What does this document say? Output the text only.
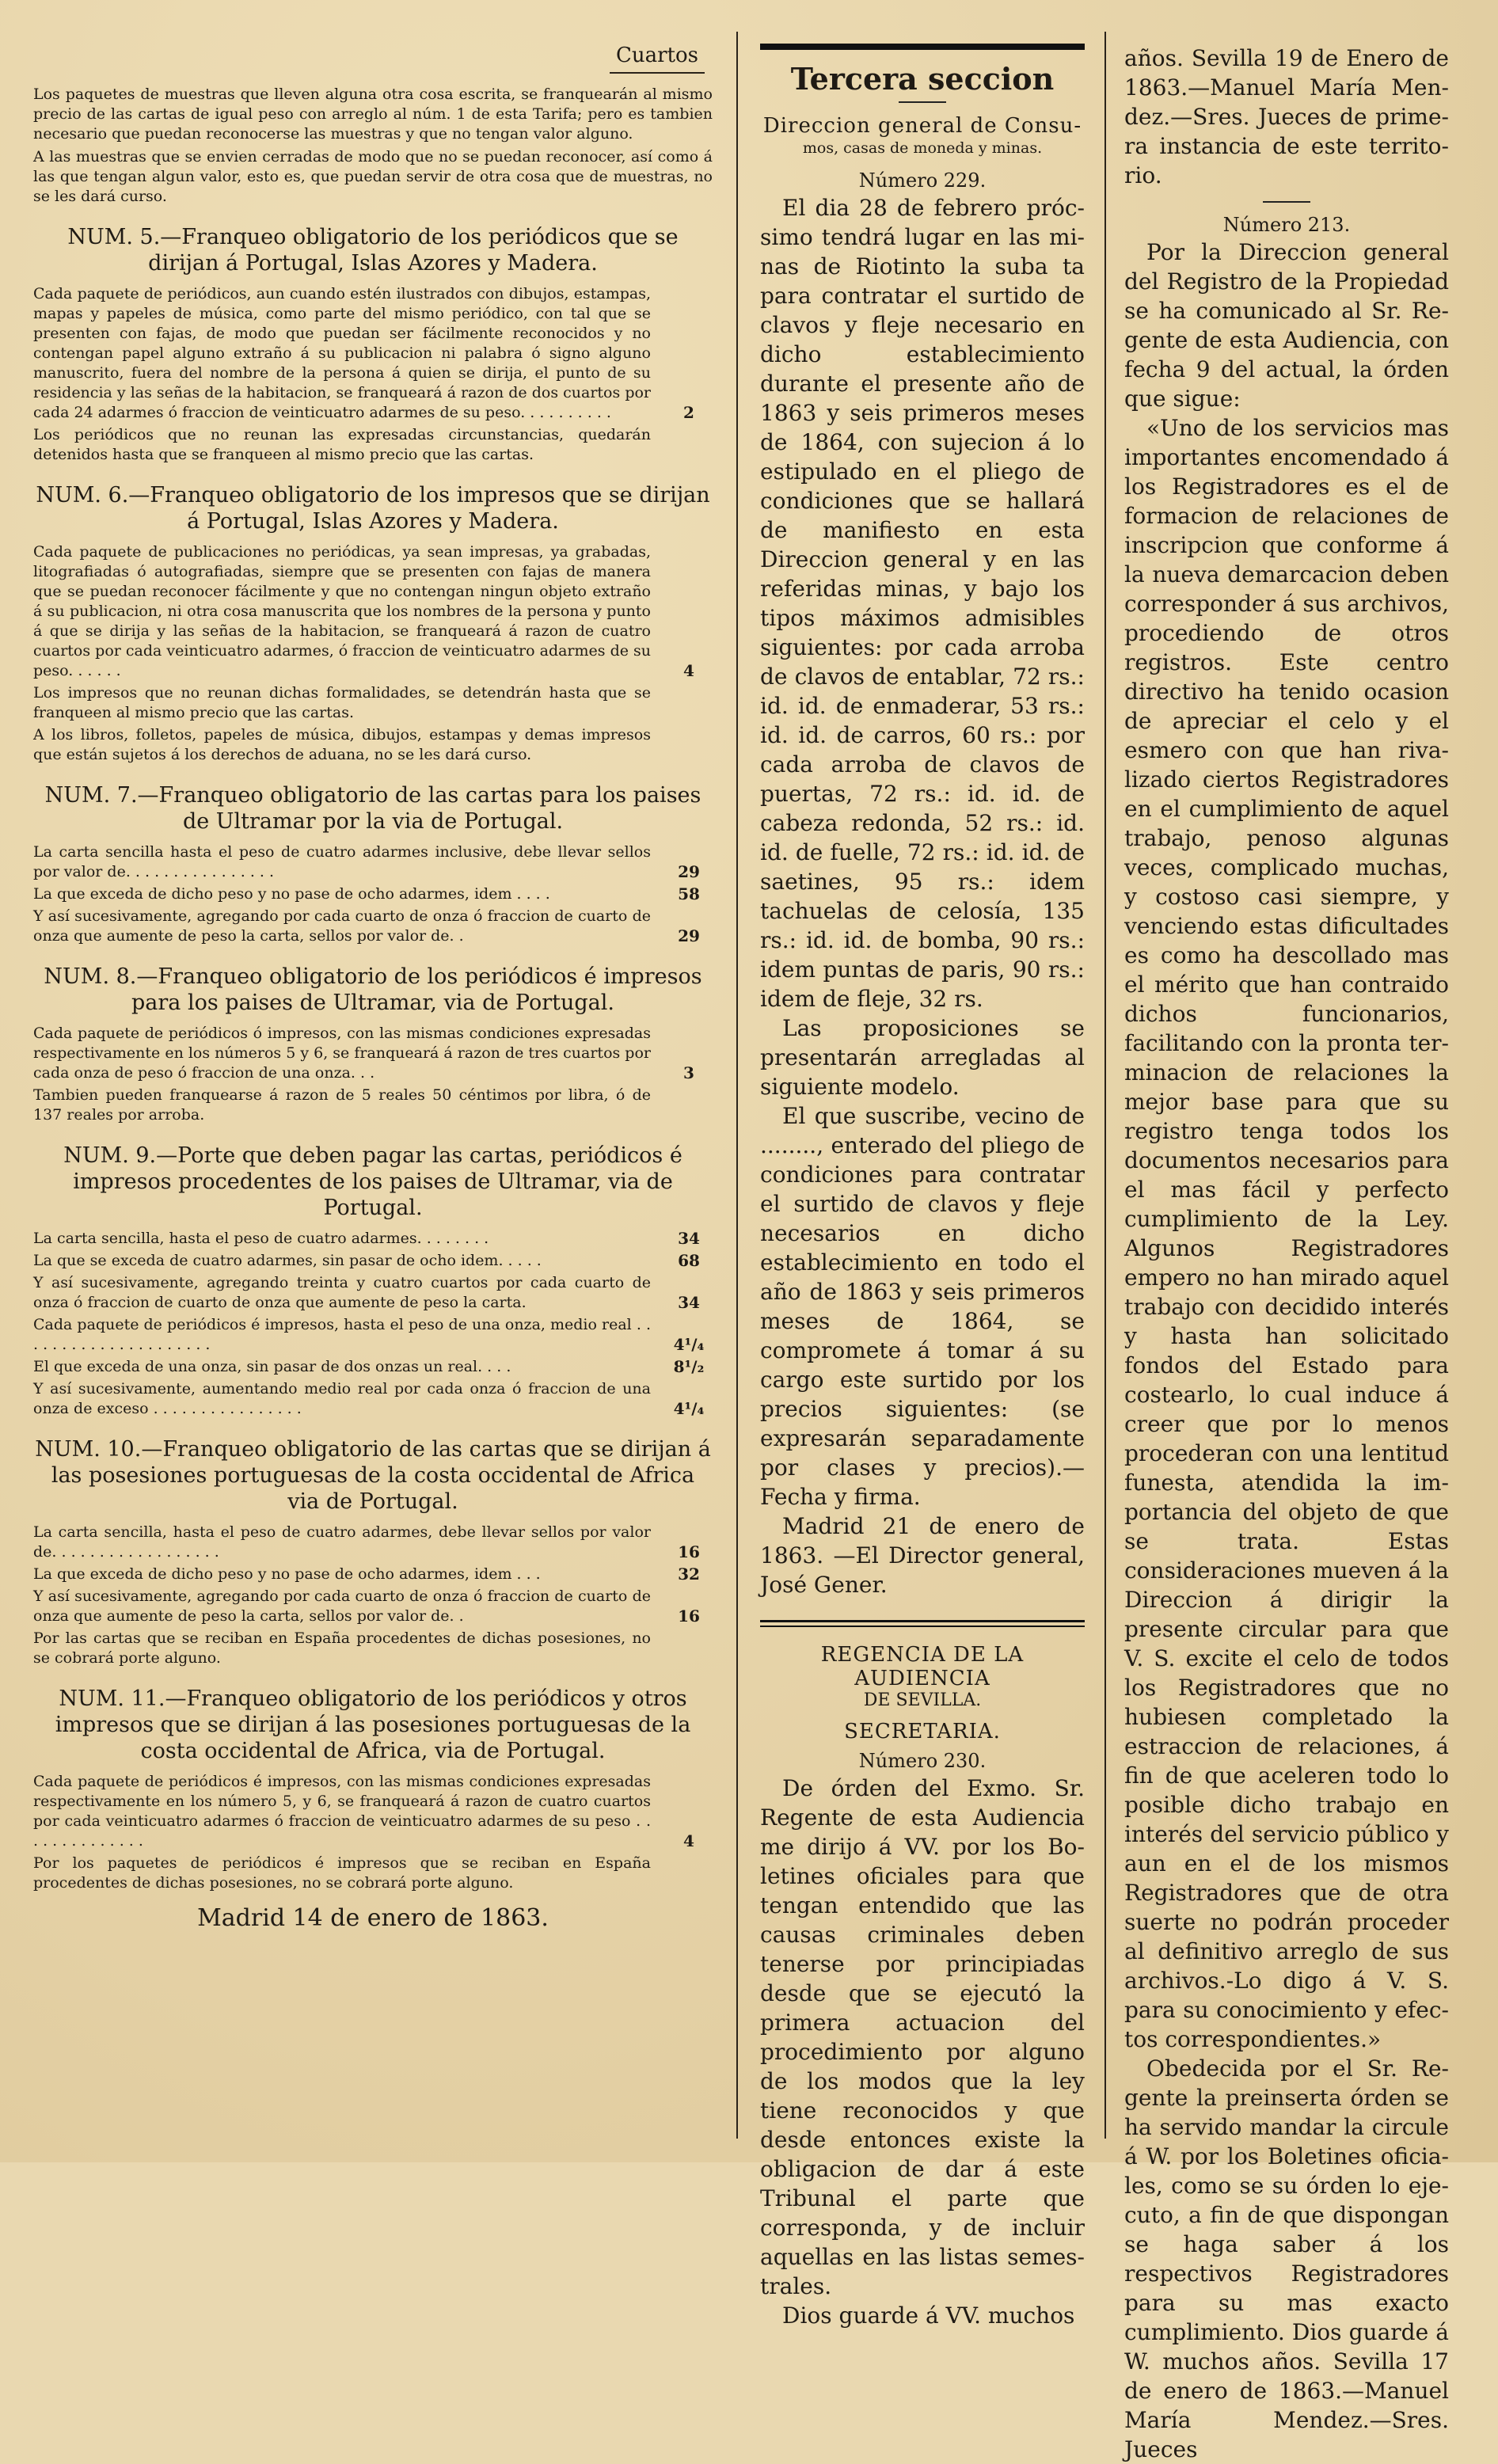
Cuartos

Los paquetes de muestras que lleven alguna otra cosa escrita, se franquearán al mismo precio de las cartas de igual peso con arreglo al núm. 1 de esta Tarifa; pero es tambien necesario que puedan reconocerse las muestras y que no tengan valor alguno.

A las muestras que se envien cerradas de modo que no se puedan reconocer, así como á las que tengan algun valor, esto es, que puedan servir de otra cosa que de muestras, no se les dará curso.

NUM. 5.—Franqueo obligatorio de los periódicos que se dirijan á Portugal, Islas Azores y Madera.
Cada paquete de periódicos, aun cuando estén ilustrados con dibujos, estampas, mapas y papeles de música, como parte del mismo periódico, con tal que se presenten con fajas, de modo que puedan ser fácilmente reconocidos y no contengan papel alguno extraño á su publicacion ni palabra ó signo alguno manuscrito, fuera del nombre de la persona á quien se dirija, el punto de su residencia y las señas de la habitacion, se franqueará á razon de dos cuartos por cada 24 adarmes ó fraccion de veinticuatro adarmes de su peso. . . . . . . . . .	2
Los periódicos que no reunan las expresadas circunstancias, quedarán detenidos hasta que se franqueen al mismo precio que las cartas.
NUM. 6.—Franqueo obligatorio de los impresos que se dirijan á Portugal, Islas Azores y Madera.
Cada paquete de publicaciones no periódicas, ya sean impresas, ya grabadas, litografiadas ó autografiadas, siempre que se presenten con fajas de manera que se puedan reconocer fácilmente y que no contengan ningun objeto extraño á su publicacion, ni otra cosa manuscrita que los nombres de la persona y punto á que se dirija y las señas de la habitacion, se franqueará á razon de cuatro cuartos por cada veinticuatro adarmes, ó fraccion de veinticuatro adarmes de su peso. . . . . .	4
Los impresos que no reunan dichas formalidades, se detendrán hasta que se franqueen al mismo precio que las cartas.
A los libros, folletos, papeles de música, dibujos, estampas y demas impresos que están sujetos á los derechos de aduana, no se les dará curso.
NUM. 7.—Franqueo obligatorio de las cartas para los paises de Ultramar por la via de Portugal.
La carta sencilla hasta el peso de cuatro adarmes inclusive, debe llevar sellos por valor de. . . . . . . . . . . . . . . .	29
La que exceda de dicho peso y no pase de ocho adarmes, idem . . . .	58
Y así sucesivamente, agregando por cada cuarto de onza ó fraccion de cuarto de onza que aumente de peso la carta, sellos por valor de. .	29
NUM. 8.—Franqueo obligatorio de los periódicos é impresos para los paises de Ultramar, via de Portugal.
Cada paquete de periódicos ó impresos, con las mismas condiciones expresadas respectivamente en los números 5 y 6, se franqueará á razon de tres cuartos por cada onza de peso ó fraccion de una onza. . .	3
Tambien pueden franquearse á razon de 5 reales 50 céntimos por libra, ó de 137 reales por arroba.
NUM. 9.—Porte que deben pagar las cartas, periódicos é impresos procedentes de los paises de Ultramar, via de Portugal.
La carta sencilla, hasta el peso de cuatro adarmes. . . . . . . .	34
La que se exceda de cuatro adarmes, sin pasar de ocho idem. . . . .	68
Y así sucesivamente, agregando treinta y cuatro cuartos por cada cuarto de onza ó fraccion de cuarto de onza que aumente de peso la carta.	34
Cada paquete de periódicos é impresos, hasta el peso de una onza, medio real . . . . . . . . . . . . . . . . . . . . .	4¹/₄
El que exceda de una onza, sin pasar de dos onzas un real. . . .	8¹/₂
Y así sucesivamente, aumentando medio real por cada onza ó fraccion de una onza de exceso . . . . . . . . . . . . . . . .	4¹/₄
NUM. 10.—Franqueo obligatorio de las cartas que se dirijan á las posesiones portuguesas de la costa occidental de Africa via de Portugal.
La carta sencilla, hasta el peso de cuatro adarmes, debe llevar sellos por valor de. . . . . . . . . . . . . . . . . .	16
La que exceda de dicho peso y no pase de ocho adarmes, idem . . .	32
Y así sucesivamente, agregando por cada cuarto de onza ó fraccion de cuarto de onza que aumente de peso la carta, sellos por valor de. .	16
Por las cartas que se reciban en España procedentes de dichas posesiones, no se cobrará porte alguno.
NUM. 11.—Franqueo obligatorio de los periódicos y otros impresos que se dirijan á las posesiones portuguesas de la costa occidental de Africa, via de Portugal.
Cada paquete de periódicos é impresos, con las mismas condiciones expresadas respectivamente en los número 5, y 6, se franqueará á razon de cuatro cuartos por cada veinticuatro adarmes ó fraccion de veinticuatro adarmes de su peso . . . . . . . . . . . . . .	4
Por los paquetes de periódicos é impresos que se reciban en España procedentes de dichas posesiones, no se cobrará porte alguno.
Madrid 14 de enero de 1863.
Tercera seccion
Direccion general de Consu-
mos, casas de moneda y minas.
Número 229.

El dia 28 de febrero prócsimo tendrá lugar en las minas de Riotinto la suba ta para contratar el surtido de clavos y fleje necesario en dicho establecimiento durante el presente año de 1863 y seis primeros meses de 1864, con sujecion á lo estipulado en el pliego de condiciones que se hallará de manifiesto en esta Direccion general y en las referidas minas, y bajo los tipos máximos admisibles siguientes: por cada arroba de clavos de entablar, 72 rs.: id. id. de enmaderar, 53 rs.: id. id. de carros, 60 rs.: por cada arroba de clavos de puertas, 72 rs.: id. id. de cabeza redonda, 52 rs.: id. id. de fuelle, 72 rs.: id. id. de saetines, 95 rs.: idem tachuelas de celosía, 135 rs.: id. id. de bomba, 90 rs.: idem puntas de paris, 90 rs.: idem de fleje, 32 rs.

Las proposiciones se presentarán arregladas al siguiente modelo.

El que suscribe, vecino de ........, enterado del pliego de condiciones para contratar el surtido de clavos y fleje necesarios en dicho establecimiento en todo el año de 1863 y seis primeros meses de 1864, se compromete á tomar á su cargo este surtido por los precios siguientes: (se expresarán separadamente por clases y precios).—Fecha y firma.

Madrid 21 de enero de 1863. —El Director general, José Gener.

REGENCIA DE LA AUDIENCIA
DE SEVILLA.
SECRETARIA.
Número 230.

De órden del Exmo. Sr. Regente de esta Audiencia me dirijo á VV. por los Boletines oficiales para que tengan entendido que las causas criminales deben tenerse por principiadas desde que se ejecutó la primera actuacion del procedimiento por alguno de los modos que la ley tiene reconocidos y que desde entonces existe la obligacion de dar á este Tribunal el parte que corresponda, y de incluir aquellas en las listas semestrales.

Dios guarde á VV. muchos

años. Sevilla 19 de Enero de 1863.—Manuel María Mendez.—Sres. Jueces de primera instancia de este territorio.

Número 213.

Por la Direccion general del Registro de la Propiedad se ha comunicado al Sr. Regente de esta Audiencia, con fecha 9 del actual, la órden que sigue:

«Uno de los servicios mas importantes encomendado á los Registradores es el de formacion de relaciones de inscripcion que conforme á la nueva demarcacion deben corresponder á sus archivos, procediendo de otros registros. Este centro directivo ha tenido ocasion de apreciar el celo y el esmero con que han rivalizado ciertos Registradores en el cumplimiento de aquel trabajo, penoso algunas veces, complicado muchas, y costoso casi siempre, y venciendo estas dificultades es como ha descollado mas el mérito que han contraido dichos funcionarios, facilitando con la pronta terminacion de relaciones la mejor base para que su registro tenga todos los documentos necesarios para el mas fácil y perfecto cumplimiento de la Ley. Algunos Registradores empero no han mirado aquel trabajo con decidido interés y hasta han solicitado fondos del Estado para costearlo, lo cual induce á creer que por lo menos procederan con una lentitud funesta, atendida la importancia del objeto de que se trata. Estas consideraciones mueven á la Direccion á dirigir la presente circular para que V. S. excite el celo de todos los Registradores que no hubiesen completado la estraccion de relaciones, á fin de que aceleren todo lo posible dicho trabajo en interés del servicio público y aun en el de los mismos Registradores que de otra suerte no podrán proceder al definitivo arreglo de sus archivos.-Lo digo á V. S. para su conocimiento y efectos correspondientes.»

Obedecida por el Sr. Regente la preinserta órden se ha servido mandar la circule á W. por los Boletines oficiales, como se su órden lo ejecuto, a fin de que dispongan se haga saber á los respectivos Registradores para su mas exacto cumplimiento. Dios guarde á W. muchos años. Sevilla 17 de enero de 1863.—Manuel María Mendez.—Sres. Jueces
